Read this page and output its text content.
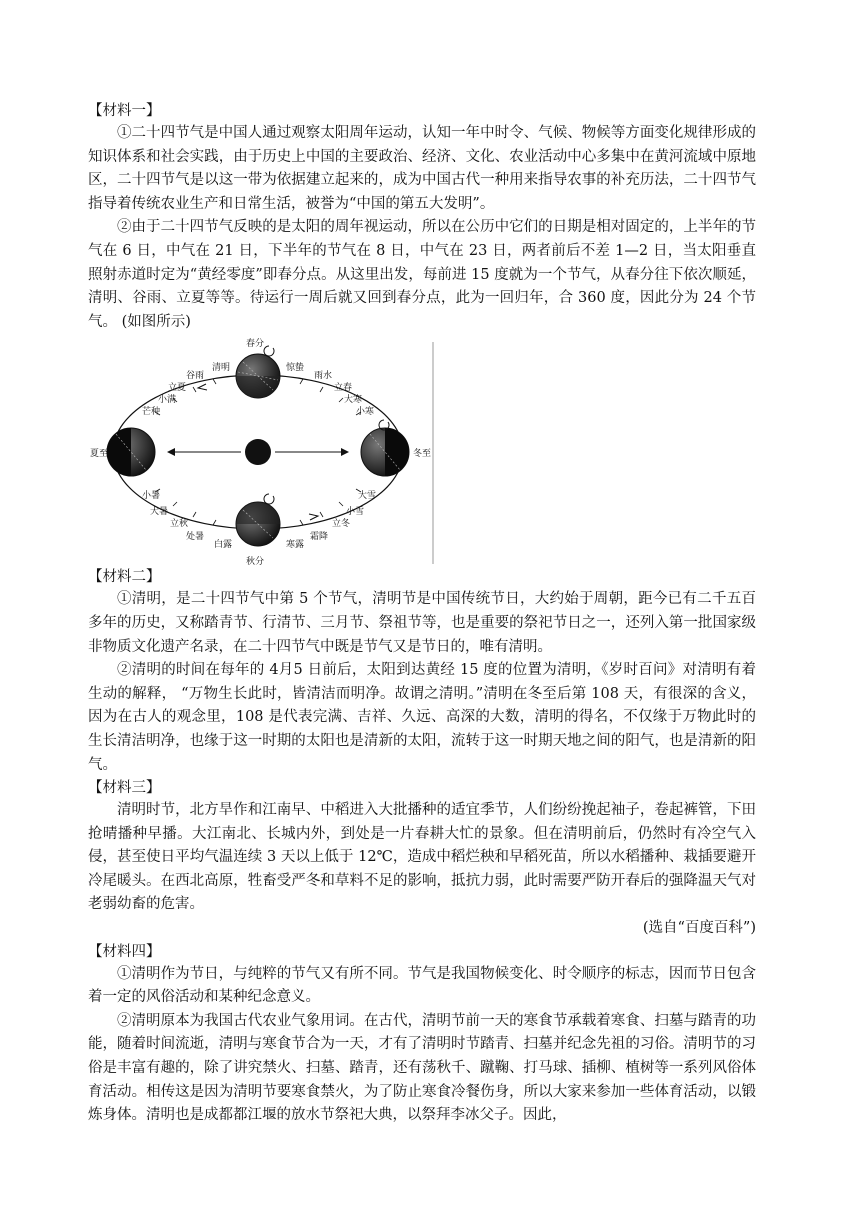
【材料一】

①二十四节气是中国人通过观察太阳周年运动，认知一年中时令、气候、物候等方面变化规律形成的知识体系和社会实践，由于历史上中国的主要政治、经济、文化、农业活动中心多集中在黄河流域中原地区，二十四节气是以这一带为依据建立起来的，成为中国古代一种用来指导农事的补充历法，二十四节气指导着传统农业生产和日常生活，被誉为“中国的第五大发明”。

②由于二十四节气反映的是太阳的周年视运动，所以在公历中它们的日期是相对固定的，上半年的节气在 6 日，中气在 21 日，下半年的节气在 8 日，中气在 23 日，两者前后不差 1—2 日，当太阳垂直照射赤道时定为“黄经零度”即春分点。从这里出发，每前进 15 度就为一个节气，从春分往下依次顺延，清明、谷雨、立夏等等。待运行一周后就又回到春分点，此为一回归年，合 360 度，因此分为 24 个节气。 (如图所示)

春分
夏至
秋分
冬至
清明
谷雨
立夏
小满
芒种
惊蛰
雨水
立春
大寒
小寒
小暑
大暑
立秋
处暑
白露	寒露
霜降
立冬
小雪
大雪
【材料二】

①清明，是二十四节气中第 5 个节气，清明节是中国传统节日，大约始于周朝，距今已有二千五百多年的历史，又称踏青节、行清节、三月节、祭祖节等，也是重要的祭祀节日之一，还列入第一批国家级非物质文化遗产名录，在二十四节气中既是节气又是节日的，唯有清明。

②清明的时间在每年的 4月5 日前后，太阳到达黄经 15 度的位置为清明，《岁时百问》对清明有着生动的解释， “万物生长此时，皆清洁而明净。故谓之清明。”清明在冬至后第 108 天，有很深的含义，因为在古人的观念里，108 是代表完满、吉祥、久远、高深的大数，清明的得名，不仅缘于万物此时的生长清洁明净，也缘于这一时期的太阳也是清新的太阳，流转于这一时期天地之间的阳气，也是清新的阳气。

【材料三】

清明时节，北方旱作和江南早、中稻进入大批播种的适宜季节，人们纷纷挽起袖子，卷起裤管，下田抢晴播种早播。大江南北、长城内外，到处是一片春耕大忙的景象。但在清明前后，仍然时有冷空气入侵，甚至使日平均气温连续 3 天以上低于 12℃，造成中稻烂秧和早稻死苗，所以水稻播种、栽插要避开冷尾暖头。在西北高原，牲畜受严冬和草料不足的影响，抵抗力弱，此时需要严防开春后的强降温天气对老弱幼畜的危害。

(选自“百度百科”)

【材料四】

①清明作为节日，与纯粹的节气又有所不同。节气是我国物候变化、时令顺序的标志，因而节日包含着一定的风俗活动和某种纪念意义。

②清明原本为我国古代农业气象用词。在古代，清明节前一天的寒食节承载着寒食、扫墓与踏青的功能，随着时间流逝，清明与寒食节合为一天，才有了清明时节踏青、扫墓并纪念先祖的习俗。清明节的习俗是丰富有趣的，除了讲究禁火、扫墓、踏青，还有荡秋千、蹴鞠、打马球、插柳、植树等一系列风俗体育活动。相传这是因为清明节要寒食禁火，为了防止寒食冷餐伤身，所以大家来参加一些体育活动，以锻炼身体。清明也是成都都江堰的放水节祭祀大典，以祭拜李冰父子。因此，
